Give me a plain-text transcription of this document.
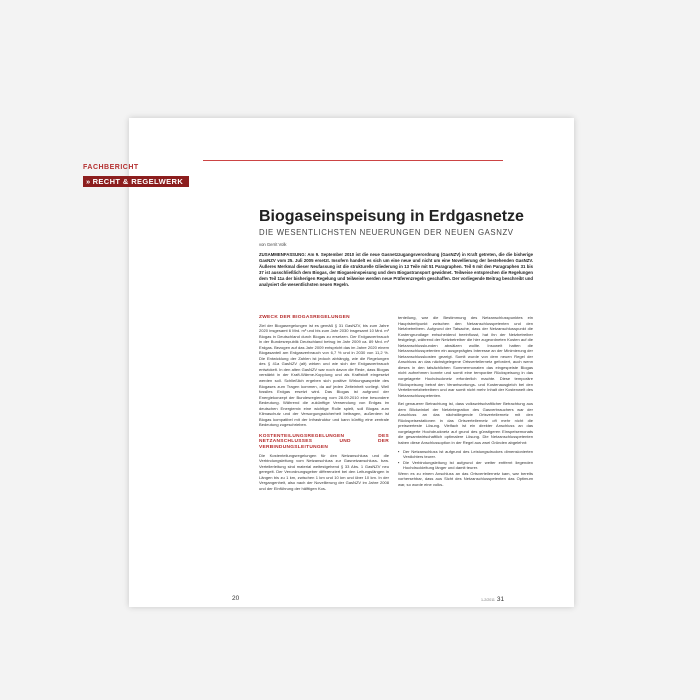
FACHBERICHT
» RECHT & REGELWERK
Biogaseinspeisung in Erdgasnetze
DIE WESENTLICHSTEN NEUERUNGEN DER NEUEN GASNZV
von Gerrit Volk
ZUSAMMENFASSUNG: Am 9. September 2010 ist die neue Gasnetzzugangsverordnung (GasNZV) in Kraft getreten, die die bisherige GasNZV vom 25. Juli 2005 ersetzt. Insofern handelt es sich um eine neue und nicht um eine Novellierung der bestehenden GasNZV. Äußeres Merkmal dieser Neufassung ist die strukturelle Gliederung in 13 Teile mit 51 Paragraphen. Teil 6 mit den Paragraphen 31 bis 37 ist ausschließlich dem Biogas, der Biogaseinspeisung und dem Biogastransport gewidmet. Teilweise entsprechen die Regelungen dem Teil 11a der bisherigen Regelung und teilweise werden neue Präferenzregeln geschaffen. Der vorliegende Beitrag beschreibt und analysiert die wesentlichsten neuen Regeln.
ZWECK DER BIOGASREGELUNGEN

Ziel der Biogasregelungen ist es gemäß § 31 GasNZV, bis zum Jahre 2020 insgesamt 6 Mrd. m³ und bis zum Jahr 2030 insgesamt 10 Mrd. m³ Biogas in Deutschland durch Biogas zu ersetzen. Der Erdgasverbrauch in der Bundesrepublik Deutschland betrug im Jahr 2009 ca. 89 Mrd. m³ Erdgas. Bezogen auf das Jahr 2009 entspricht das im Jahre 2020 einem Biogasanteil am Erdgasverbrauch von 6,7 % und in 2030 von 11,2 %. Die Entwicklung der Zahlen ist jedoch abhängig, wie die Regelungen des § 41a GasNZV (alt) wirken und wie sich der Erdgasverbrauch entwickelt. In den alten GasNZV war noch davon die Rede, dass Biogas verstärkt in der Kraft-Wärme-Kopplung und als Kraftstoff eingesetzt werden soll. Schließlich ergeben sich positive Wirkungsaspekte des Biogases zum Tragen kommen, da auf jeden Zeiteinheit vorliegt. Weil fossiles Erdgas ersetzt wird. Das Biogas ist aufgrund der Energiekonzept der Bundesregierung vom 28.09.2010 eine besondere Bedeutung. Während die zukünftige Verwendung von Erdgas im deutschen Energiemix eine wichtige Rolle spielt, soll Biogas zum Klimaschutz und der Versorgungssicherheit beitragen, außerdem ist Biogas kompatibel mit der Infrastruktur und kann künftig eine zentrale Bedeutung zugeschrieben.

KOSTENTEILUNGSREGELUNGEN DES NETZANSCHLUSSES UND DER VERBINDUNGSLEITUNGEN

Die Kostenteilungsregelungen für den Netzanschluss und die Verbindungsleitung vom Netzanschluss zur Gasnetzanschluss- bzw. Verteilerleitung sind material weitestgehend § 33 Abs. 1 GasNZV neu geregelt. Der Verordnungsgeber differenziert bei den Leitungslängen in Längen bis zu 1 km, zwischen 1 km und 10 km und über 10 km. In der Vergangenheit, also nach der Novellierung der GasNZV im Jahre 2008 und der Einführung der hälftigen Kos-

tenteilung, war die Bestimmung des Netzanschlusspunktes ein Hauptstreitpunkt zwischen den Netzanschlusspetenten und den Netzbetreibern. Aufgrund der Tatsache, dass der Netzanschlusspunkt die Kostengrundlage entscheidend beeinflusst, hat ihn der Netzbetreiber festgelegt, während der Netzbetreiber die hier zugeordneten Kosten auf die Netzanschlusskunden abwälzen wollte. Insoweit hatten die Netzanschlusspetenten ein ausgeprägtes Interesse an der Minimierung der Netzanschlusskosten gezeigt. Somit wurde von dem neuen Regel der Anschluss an das nächstgelegene Ortsverteilernetz gefordert, auch wenn dieses in den tatsächlichen Sommermonaten das eingespeiste Biogas nicht aufnehmen konnte und somit eine temporäre Rückspeisung in das vorgelagerte Hochdrucknetz erforderlich machte. Diese temporäre Rückspeisung betraf den Verantwortungs- und Kostenausgleich bei den Verteilernetzbetreibern und war somit nicht mehr Inhalt der Kostenwelt des Netzanschlusspetenten.

Bei genauerer Betrachtung ist, dass volkswirtschaftlicher Betrachtung aus dem Blickwinkel der Netzintegration des Gasverbrauchers war der Anschluss an das nächstliegende Ortsverteilernetz mit den Rückspeisestationen in das Ortsverteilernetz oft mehr nicht die preiswerteste Lösung. Vielfach ist ein direkter Anschluss an das vorgelagerte Hochdrucknetz auf grund des günstigeren Einspeisemonats die gesamtwirtschaftlich optimalere Lösung. Die Netzanschlusspetenten haben diese Anschlussoption in der Regel aus zwei Gründen abgelehnt:

▪ Der Netzanschluss ist aufgrund des Leistungsdruckes dimensionierten Verdichters teurer.
▪ Die Verbindungsleitung ist aufgrund der weiter entfernt liegenden Hochdruckleitung länger und damit teurer.

Wenn es zu einem Anschluss an das Ortsverteilernetz kam, war bereits vorhersehbar, dass aus Sicht des Netzanschlusspetenten das Optimum war, so wurde eine volks-

20	1-2/2011 31
